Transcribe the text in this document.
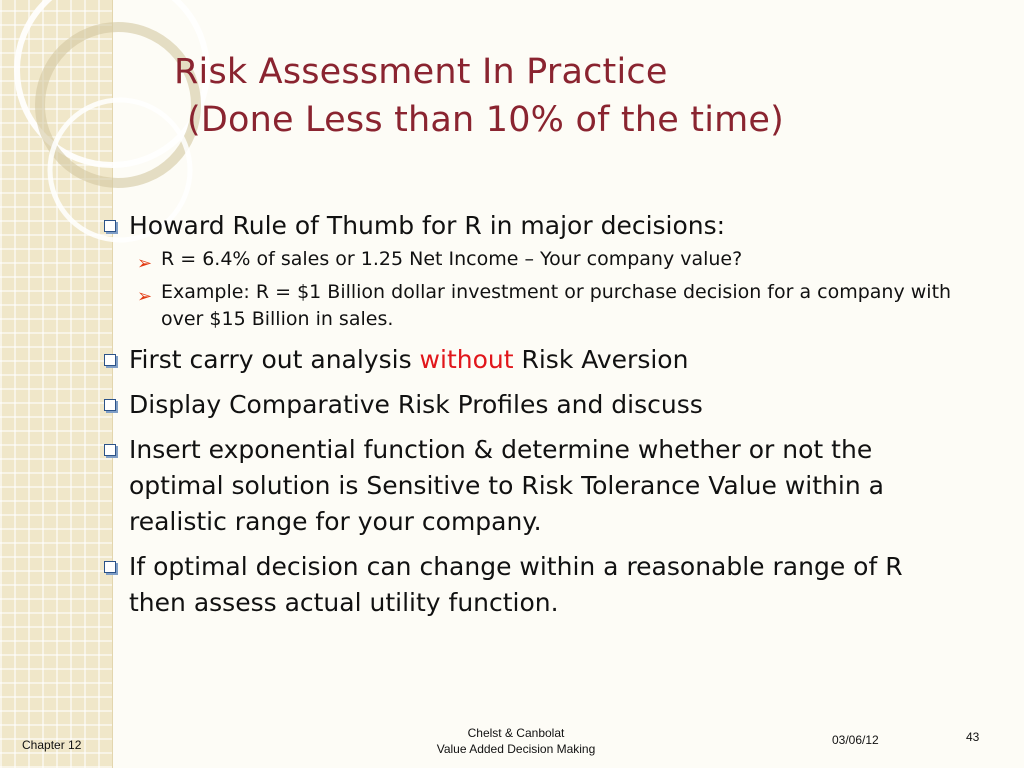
Risk Assessment In Practice
(Done Less than 10% of the time)
Howard Rule of Thumb for R in major decisions:
➢ R = 6.4% of sales or 1.25 Net Income – Your company value?
➢ Example: R = $1 Billion dollar investment or purchase decision for a company with over $15 Billion in sales.
First carry out analysis without Risk Aversion
Display Comparative Risk Profiles and discuss
Insert exponential function & determine whether or not the optimal solution is Sensitive to Risk Tolerance Value within a realistic range for your company.
If optimal decision can change within a reasonable range of R then assess actual utility function.
Chapter 12
Chelst & Canbolat
Value Added Decision Making
03/06/12	43
